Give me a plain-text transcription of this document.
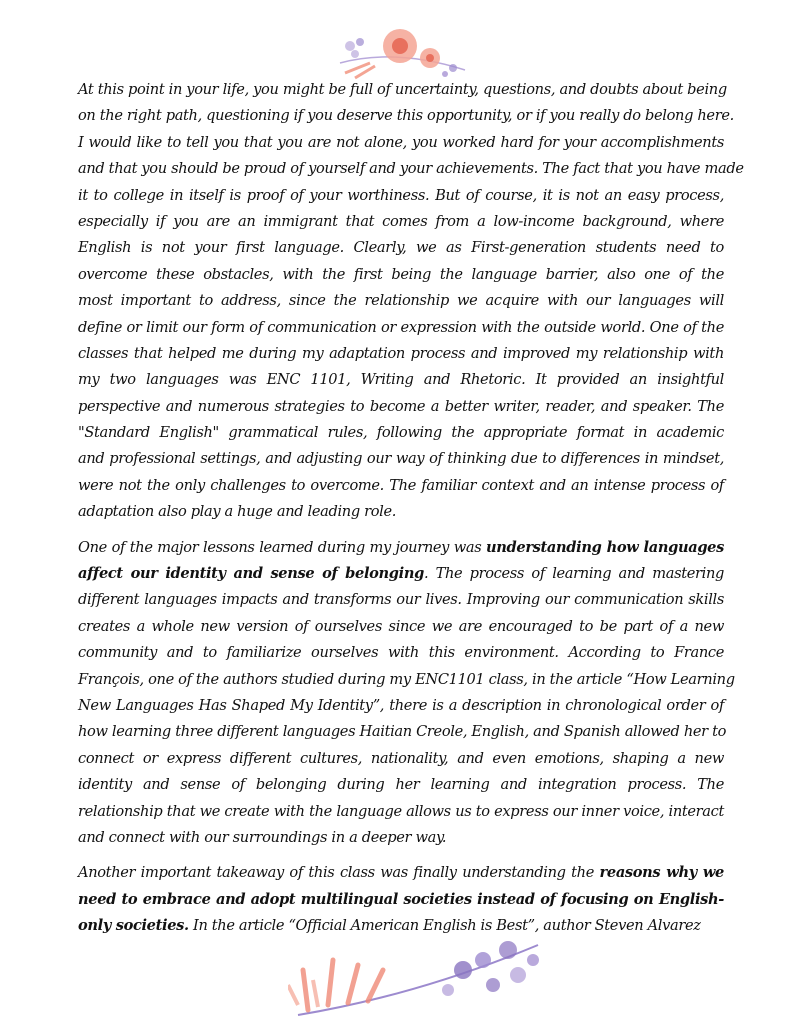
At this point in your life, you might be full of uncertainty, questions, and doubts about being
on the right path, questioning if you deserve this opportunity, or if you really do belong here.
I would like to tell you that you are not alone, you worked hard for your accomplishments
and that you should be proud of yourself and your achievements. The fact that you have made
it to college in itself is proof of your worthiness. But of course, it is not an easy process,
especially if you are an immigrant that comes from a low-income background, where
English is not your first language. Clearly, we as First-generation students need to
overcome these obstacles, with the first being the language barrier, also one of the
most important to address, since the relationship we acquire with our languages will
define or limit our form of communication or expression with the outside world. One of the
classes that helped me during my adaptation process and improved my relationship with
my two languages was ENC 1101, Writing and Rhetoric. It provided an insightful
perspective and numerous strategies to become a better writer, reader, and speaker. The
"Standard English" grammatical rules, following the appropriate format in academic
and professional settings, and adjusting our way of thinking due to differences in mindset,
were not the only challenges to overcome. The familiar context and an intense process of
adaptation also play a huge and leading role.
One of the major lessons learned during my journey was understanding how languages
affect our identity and sense of belonging. The process of learning and mastering
different languages impacts and transforms our lives. Improving our communication skills
creates a whole new version of ourselves since we are encouraged to be part of a new
community and to familiarize ourselves with this environment. According to France
François, one of the authors studied during my ENC1101 class, in the article “How Learning
New Languages Has Shaped My Identity”, there is a description in chronological order of
how learning three different languages Haitian Creole, English, and Spanish allowed her to
connect or express different cultures, nationality, and even emotions, shaping a new
identity and sense of belonging during her learning and integration process. The
relationship that we create with the language allows us to express our inner voice, interact
and connect with our surroundings in a deeper way.
Another important takeaway of this class was finally understanding the reasons why we
need to embrace and adopt multilingual societies instead of focusing on English-
only societies. In the article “Official American English is Best”, author Steven Alvarez
